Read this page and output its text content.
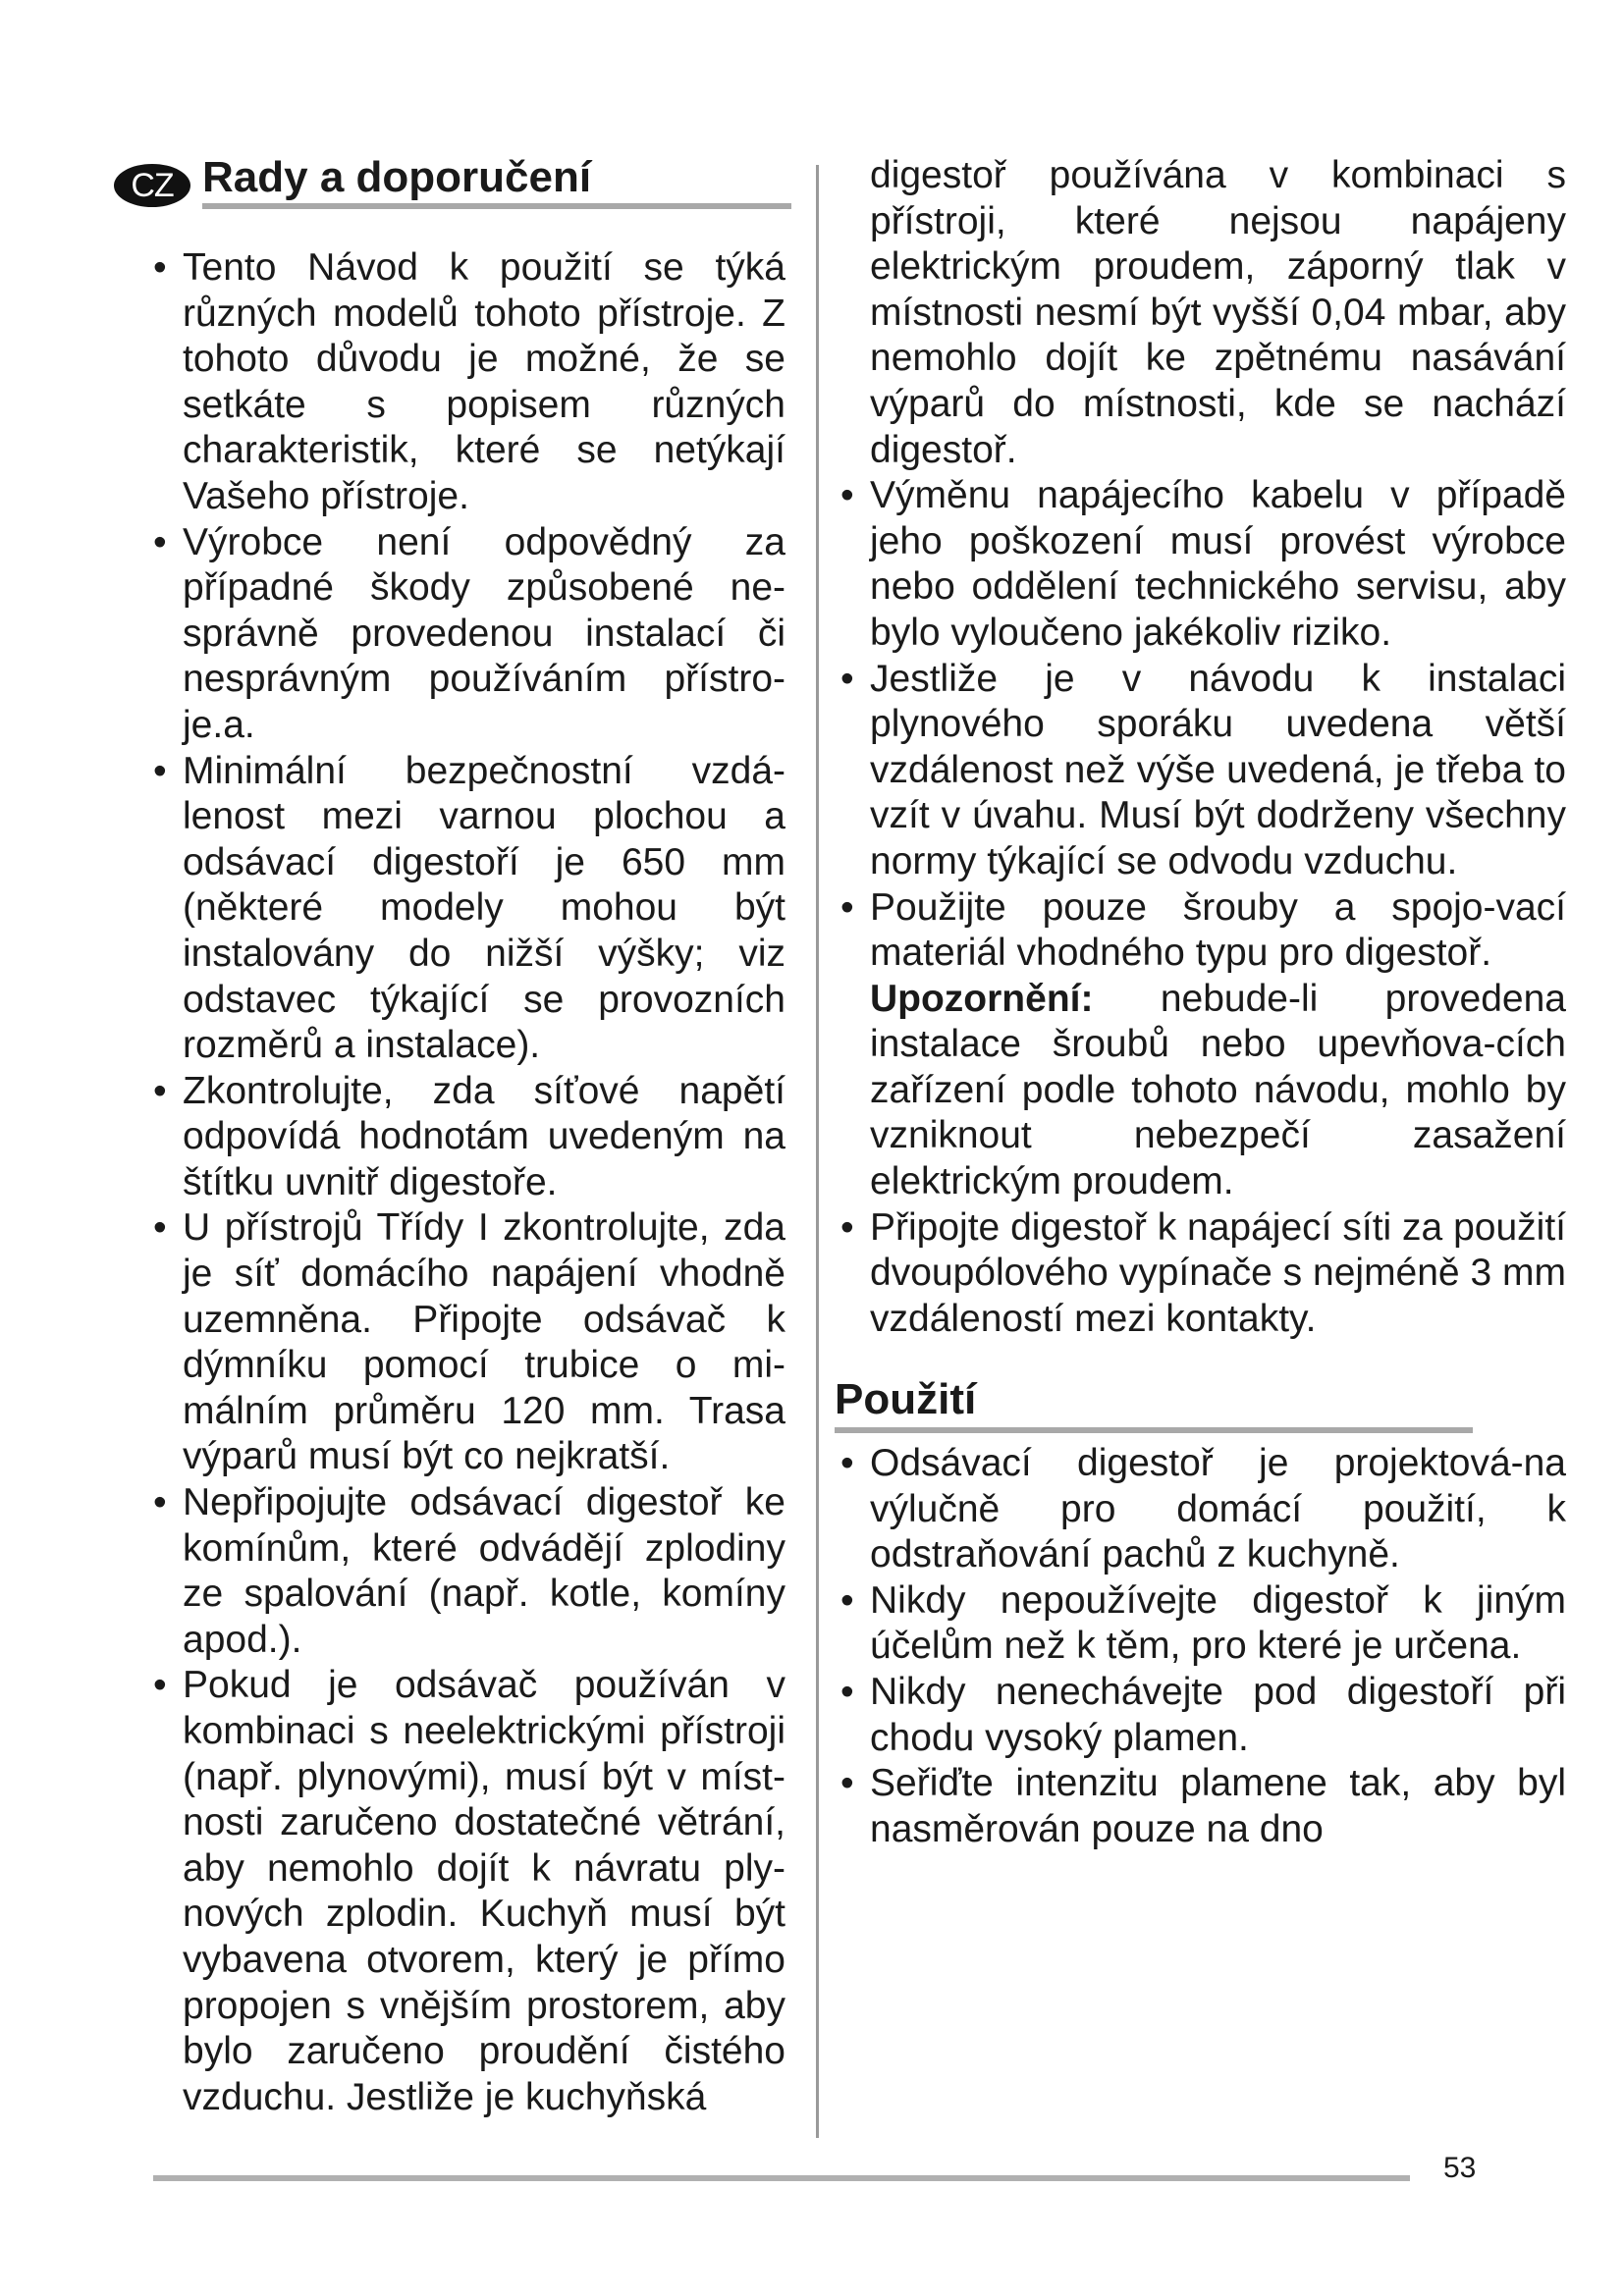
CZ Rady a doporučení
• Tento Návod k použití se týká různých modelů tohoto přístroje. Z tohoto důvodu je možné, že se setkáte s popisem různých charakteristik, které se netýkají Vašeho přístroje.
• Výrobce není odpovědný za případné škody způsobené ne-správně provedenou instalací či nesprávným používáním přístro-je.a.
• Minimální bezpečnostní vzdá-lenost mezi varnou plochou a odsávací digestoří je 650 mm (některé modely mohou být instalovány do nižší výšky; viz odstavec týkající se provozních rozměrů a instalace).
• Zkontrolujte, zda síťové napětí odpovídá hodnotám uvedeným na štítku uvnitř digestoře.
• U přístrojů Třídy I zkontrolujte, zda je síť domácího napájení vhodně uzemněna. Připojte odsávač k dýmníku pomocí trubice o mi-málním průměru 120 mm. Trasa výparů musí být co nejkratší.
• Nepřipojujte odsávací digestoř ke komínům, které odvádějí zplodiny ze spalování (např. kotle, komíny apod.).
• Pokud je odsávač používán v kombinaci s neelektrickými přístroji (např. plynovými), musí být v míst-nosti zaručeno dostatečné větrání, aby nemohlo dojít k návratu ply-nových zplodin. Kuchyň musí být vybavena otvorem, který je přímo propojen s vnějším prostorem, aby bylo zaručeno proudění čistého vzduchu. Jestliže je kuchyňská
digestoř používána v kombinaci s přístroji, které nejsou napájeny elektrickým proudem, záporný tlak v místnosti nesmí být vyšší 0,04 mbar, aby nemohlo dojít ke zpětnému nasávání výparů do místnosti, kde se nachází digestoř.
• Výměnu napájecího kabelu v případě jeho poškození musí provést výrobce nebo oddělení technického servisu, aby bylo vyloučeno jakékoliv riziko.
• Jestliže je v návodu k instalaci plynového sporáku uvedena větší vzdálenost než výše uvedená, je třeba to vzít v úvahu. Musí být dodrženy všechny normy týkající se odvodu vzduchu.
• Použijte pouze šrouby a spojo-vací materiál vhodného typu pro digestoř.
Upozornění: nebude-li provedena instalace šroubů nebo upevňova-cích zařízení podle tohoto návodu, mohlo by vzniknout nebezpečí zasažení elektrickým proudem.
• Připojte digestoř k napájecí síti za použití dvoupólového vypínače s nejméně 3 mm vzdáleností mezi kontakty.
Použití
• Odsávací digestoř je projektová-na výlučně pro domácí použití, k odstraňování pachů z kuchyně.
• Nikdy nepoužívejte digestoř k jiným účelům než k těm, pro které je určena.
• Nikdy nenechávejte pod digestoří při chodu vysoký plamen.
• Seřiďte intenzitu plamene tak, aby byl nasměrován pouze na dno
53
